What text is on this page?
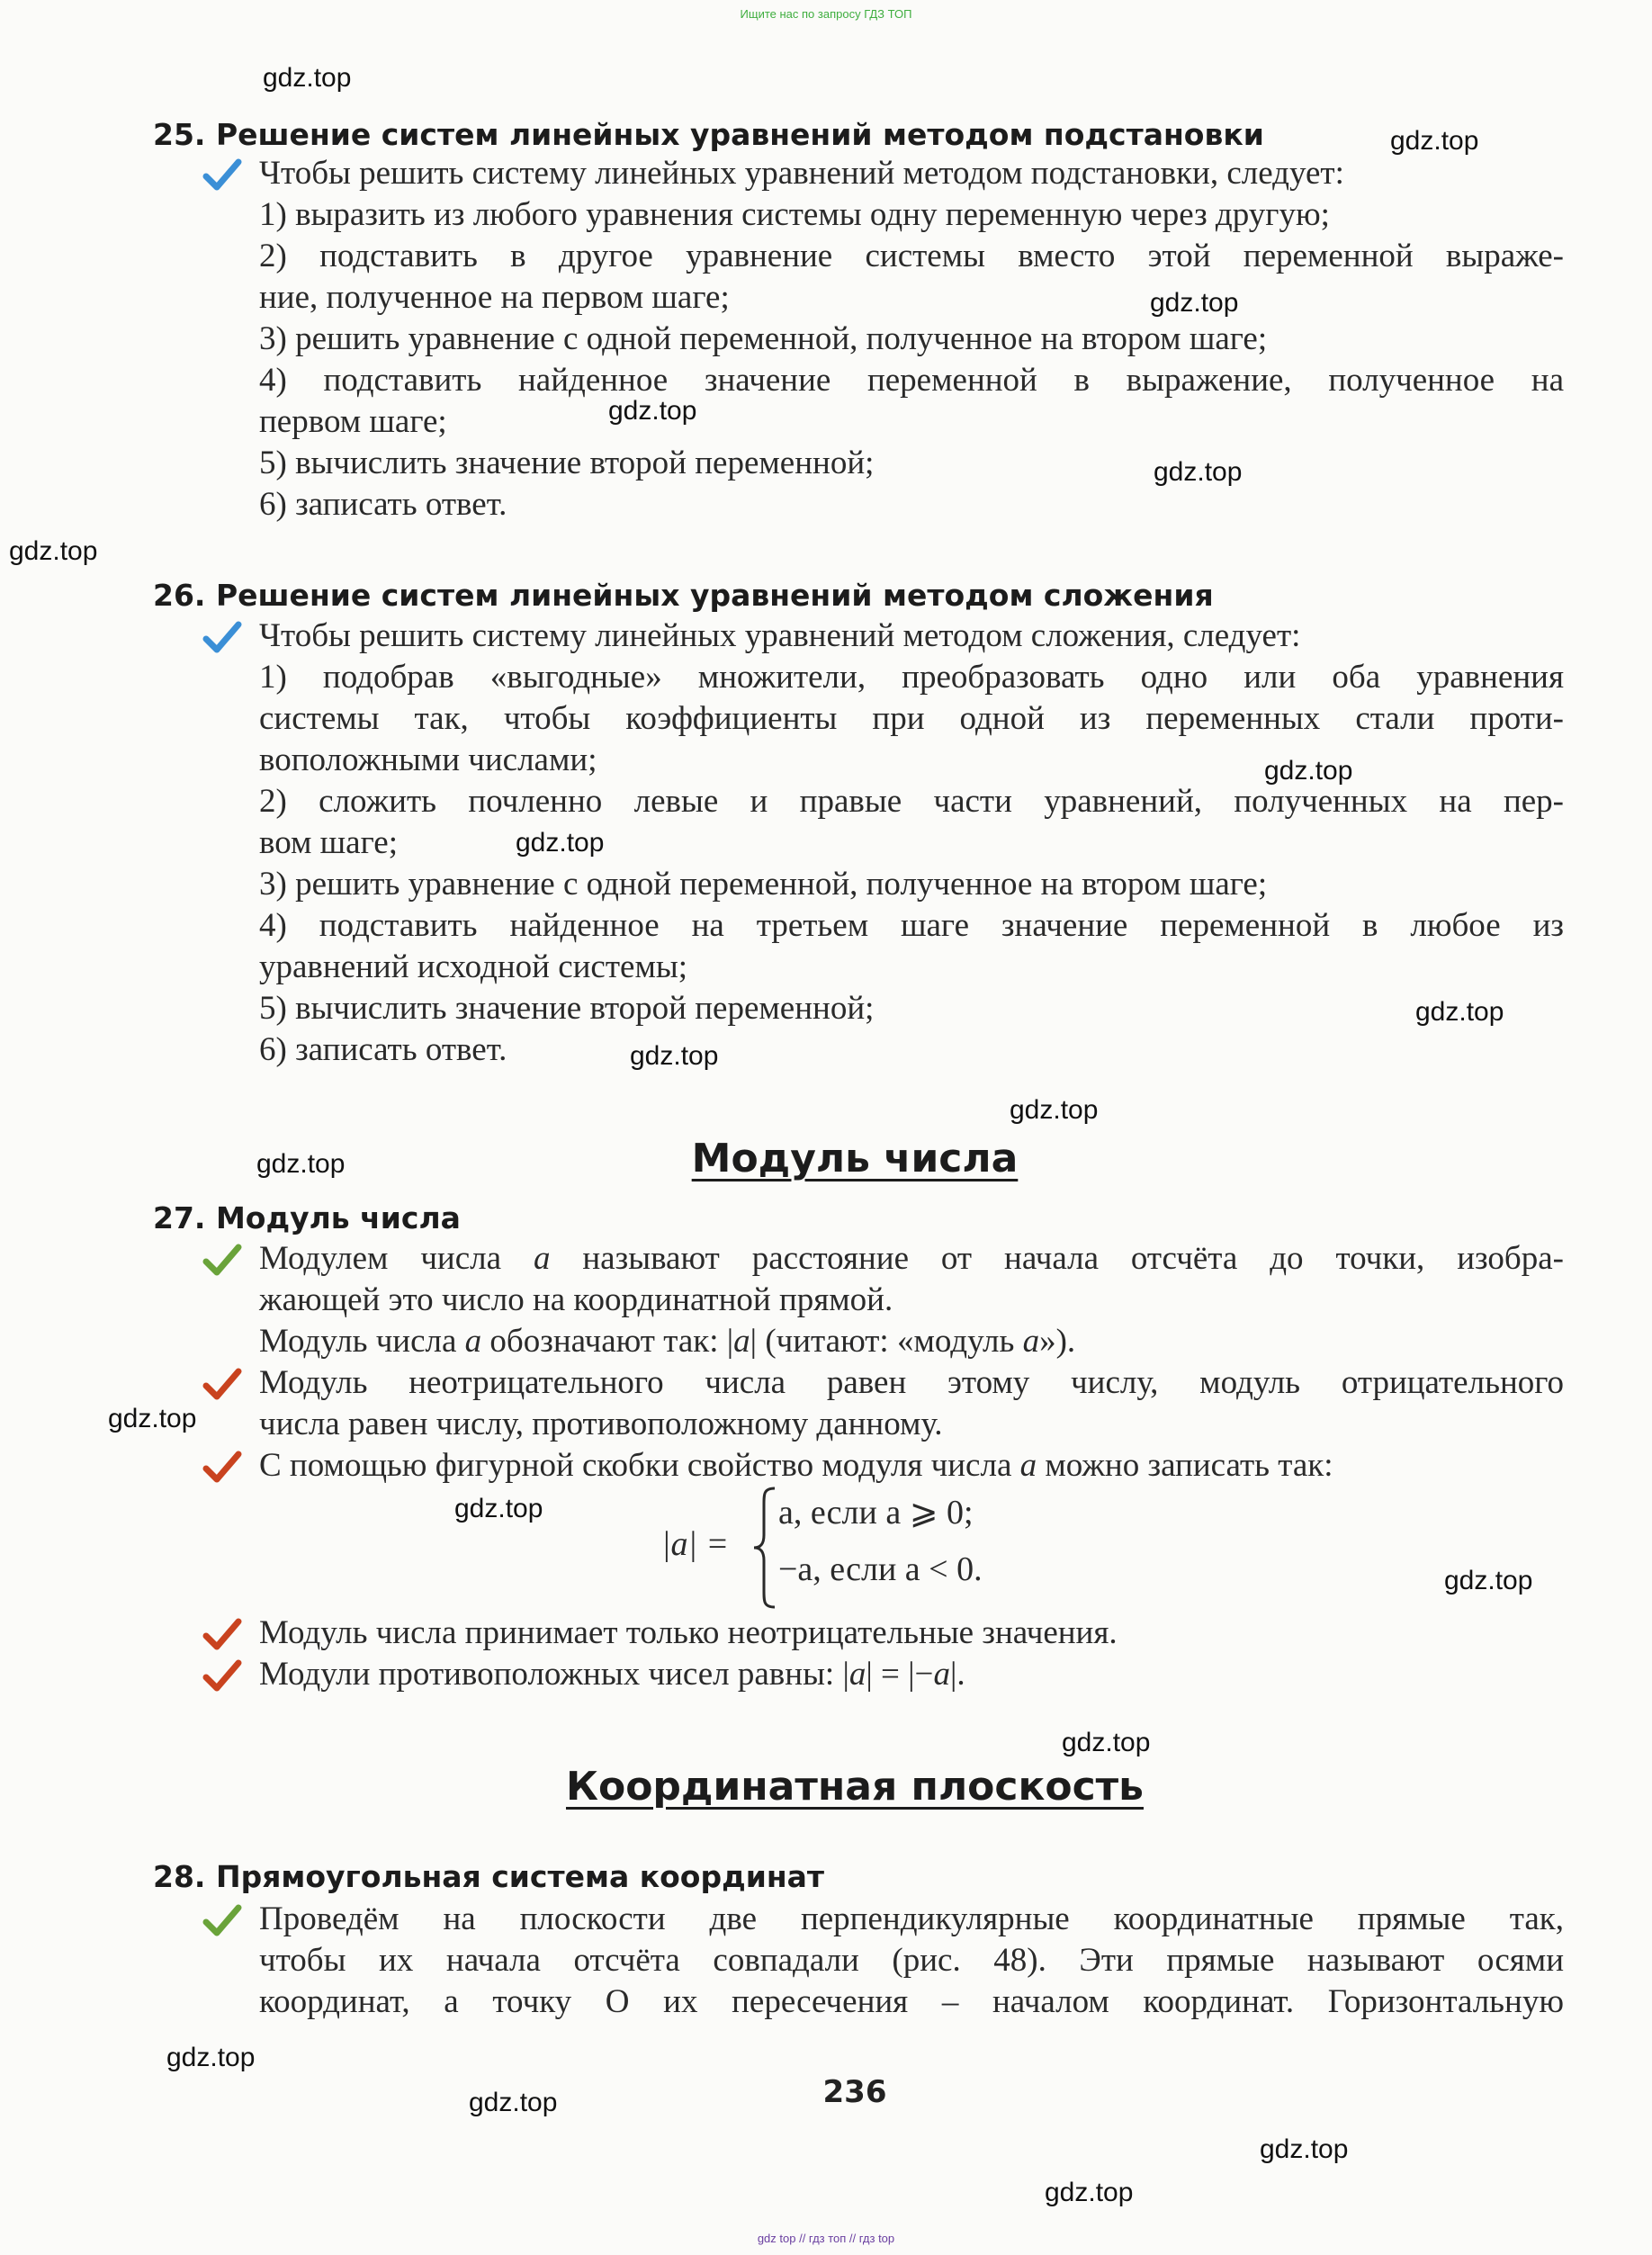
Ищите нас по запросу ГДЗ ТОП
gdz top // гдз топ // гдз top
gdz.top
gdz.top
gdz.top
gdz.top
gdz.top
gdz.top
gdz.top
gdz.top
gdz.top
gdz.top
gdz.top
gdz.top
gdz.top
gdz.top
gdz.top
gdz.top
gdz.top
gdz.top
gdz.top
gdz.top
25. Решение систем линейных уравнений методом подстановки
Чтобы решить систему линейных уравнений методом подстановки, следует:
1) выразить из любого уравнения системы одну переменную через другую;
2) подставить в другое уравнение системы вместо этой переменной выраже-
ние, полученное на первом шаге;
3) решить уравнение с одной переменной, полученное на втором шаге;
4) подставить найденное значение переменной в выражение, полученное на
первом шаге;
5) вычислить значение второй переменной;
6) записать ответ.
26. Решение систем линейных уравнений методом сложения
Чтобы решить систему линейных уравнений методом сложения, следует:
1) подобрав «выгодные» множители, преобразовать одно или оба уравнения
системы так, чтобы коэффициенты при одной из переменных стали проти-
воположными числами;
2) сложить почленно левые и правые части уравнений, полученных на пер-
вом шаге;
3) решить уравнение с одной переменной, полученное на втором шаге;
4) подставить найденное на третьем шаге значение переменной в любое из
уравнений исходной системы;
5) вычислить значение второй переменной;
6) записать ответ.
Модуль числа
27. Модуль числа
Модулем числа a называют расстояние от начала отсчёта до точки, изобра-
жающей это число на координатной прямой.
Модуль числа a обозначают так: |a| (читают: «модуль a»).
Модуль неотрицательного числа равен этому числу, модуль отрицательного
числа равен числу, противоположному данному.
С помощью фигурной скобки свойство модуля числа a можно записать так:
|a| =
a, если a ⩾ 0;
−a, если a < 0.
Модуль числа принимает только неотрицательные значения.
Модули противоположных чисел равны: |a| = |−a|.
Координатная плоскость
28. Прямоугольная система координат
Проведём на плоскости две перпендикулярные координатные прямые так,
чтобы их начала отсчёта совпадали (рис. 48). Эти прямые называют осями
координат, а точку O их пересечения – началом координат. Горизонтальную
236
